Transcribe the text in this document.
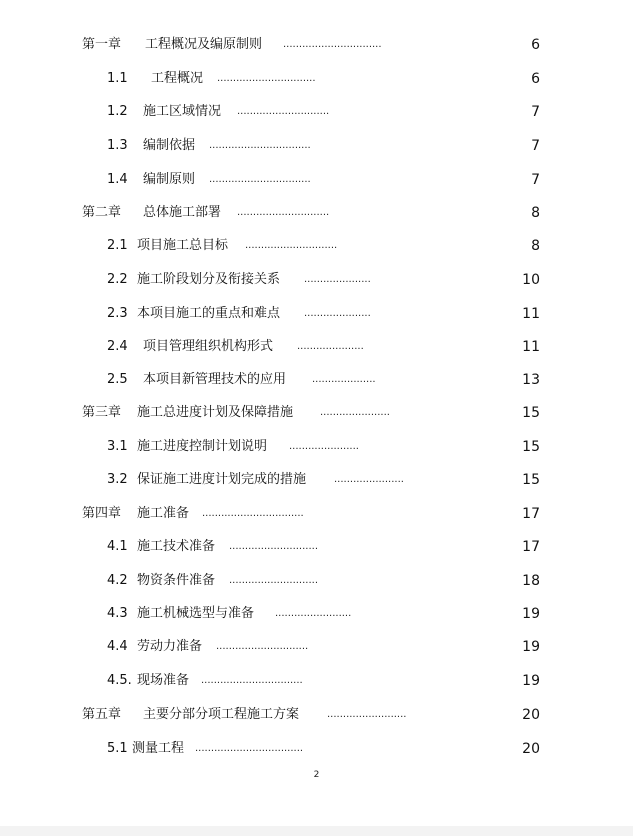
第一章 工程概况及编原制则 ...............................	6
1.1 工程概况 ...............................	6
1.2 施工区域情况 .............................	7
1.3 编制依据 ................................	7
1.4 编制原则 ................................	7
第二章 总体施工部署 .............................	8
2.1 项目施工总目标 .............................	8
2.2 施工阶段划分及衔接关系 .....................	10
2.3 本项目施工的重点和难点 .....................	11
2.4 项目管理组织机构形式 .....................	11
2.5 本项目新管理技术的应用	....................	13
第三章 施工总进度计划及保障措施	......................	15
3.1 施工进度控制计划说明 ......................	15
3.2 保证施工进度计划完成的措施	......................	15
第四章 施工准备 ................................	17
4.1 施工技术准备 ............................	17
4.2 物资条件准备 ............................	18
4.3 施工机械选型与准备 ........................	19
4.4 劳动力准备 .............................	19
4.5. 现场准备 ................................	19
第五章 主要分部分项工程施工方案	.........................	20
5.1 测量工程 ..................................	20
2
